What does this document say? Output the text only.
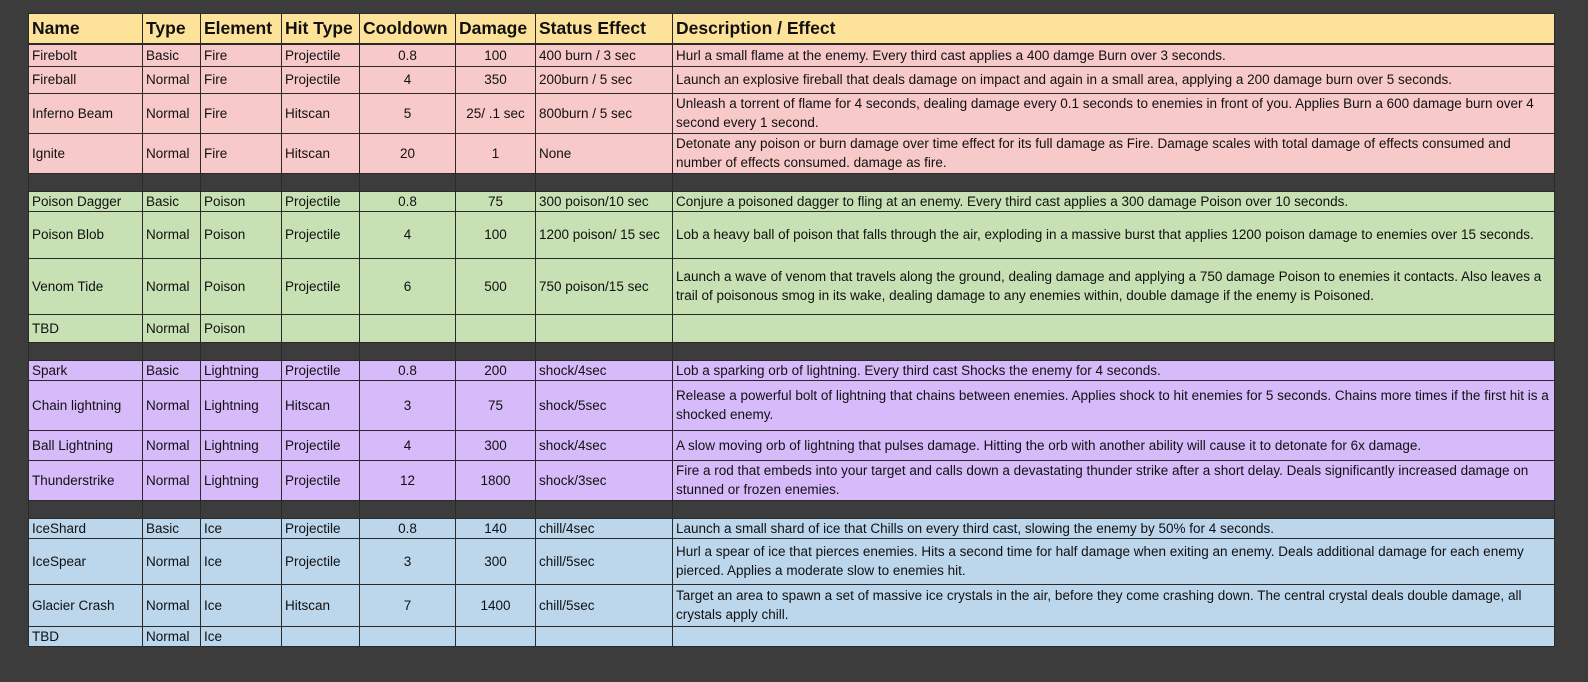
Name	Type	Element	Hit Type	Cooldown	Damage	Status Effect	Description / Effect
Firebolt	Basic	Fire	Projectile	0.8	100	400 burn / 3 sec	Hurl a small flame at the enemy. Every third cast applies a 400 damge Burn over 3 seconds.
Fireball	Normal	Fire	Projectile	4	350	200burn / 5 sec	Launch an explosive fireball that deals damage on impact and again in a small area, applying a 200 damage burn over 5 seconds.
Inferno Beam	Normal	Fire	Hitscan	5	25/ .1 sec	800burn / 5 sec	Unleash a torrent of flame for 4 seconds, dealing damage every 0.1 seconds to enemies in front of you. Applies Burn a 600 damage burn over 4 second every 1 second.
Ignite	Normal	Fire	Hitscan	20	1	None	Detonate any poison or burn damage over time effect for its full damage as Fire. Damage scales with total damage of effects consumed and number of effects consumed. damage as fire.

Poison Dagger	Basic	Poison	Projectile	0.8	75	300 poison/10 sec	Conjure a poisoned dagger to fling at an enemy. Every third cast applies a 300 damage Poison over 10 seconds.
Poison Blob	Normal	Poison	Projectile	4	100	1200 poison/ 15 sec	Lob a heavy ball of poison that falls through the air, exploding in a massive burst that applies 1200 poison damage to enemies over 15 seconds.
Venom Tide	Normal	Poison	Projectile	6	500	750 poison/15 sec	Launch a wave of venom that travels along the ground, dealing damage and applying a 750 damage Poison to enemies it contacts. Also leaves a trail of poisonous smog in its wake, dealing damage to any enemies within, double damage if the enemy is Poisoned.
TBD	Normal	Poison					

Spark	Basic	Lightning	Projectile	0.8	200	shock/4sec	Lob a sparking orb of lightning. Every third cast Shocks the enemy for 4 seconds.
Chain lightning	Normal	Lightning	Hitscan	3	75	shock/5sec	Release a powerful bolt of lightning that chains between enemies. Applies shock to hit enemies for 5 seconds. Chains more times if the first hit is a shocked enemy.
Ball Lightning	Normal	Lightning	Projectile	4	300	shock/4sec	A slow moving orb of lightning that pulses damage. Hitting the orb with another ability will cause it to detonate for 6x damage.
Thunderstrike	Normal	Lightning	Projectile	12	1800	shock/3sec	Fire a rod that embeds into your target and calls down a devastating thunder strike after a short delay. Deals significantly increased damage on stunned or frozen enemies.

IceShard	Basic	Ice	Projectile	0.8	140	chill/4sec	Launch a small shard of ice that Chills on every third cast, slowing the enemy by 50% for 4 seconds.
IceSpear	Normal	Ice	Projectile	3	300	chill/5sec	Hurl a spear of ice that pierces enemies. Hits a second time for half damage when exiting an enemy. Deals additional damage for each enemy pierced. Applies a moderate slow to enemies hit.
Glacier Crash	Normal	Ice	Hitscan	7	1400	chill/5sec	Target an area to spawn a set of massive ice crystals in the air, before they come crashing down. The central crystal deals double damage, all crystals apply chill.
TBD	Normal	Ice					
